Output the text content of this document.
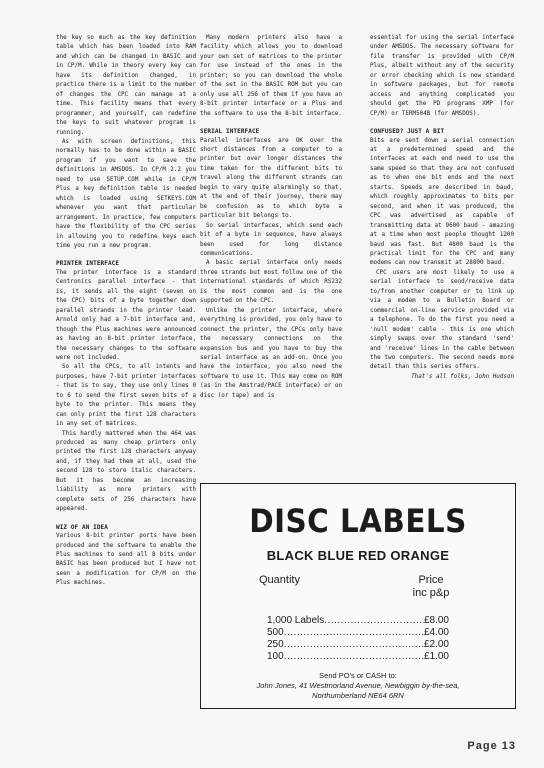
the key so much as the key definition table which has been loaded into RAM and which can be changed in BASIC and in CP/M. While in theory every key can have its definition changed, in practice there is a limit to the number of changes the CPC can manage at a time. This facility means that every programmer, and yourself, can redefine the keys to suit whatever program is running.

As with screen definitions, this normally has to be done within a BASIC program if you want to save the definitions in AMSDOS. In CP/M 2.2 you need to use SETUP.COM while in CP/M Plus a key definition table is needed which is loaded using SETKEYS.COM whenever you want that particular arrangement. In practice, few computers have the flexibility of the CPC series in allowing you to redefine keys each time you run a new program.

PRINTER INTERFACE

The printer interface is a standard Centronics parallel interface - that is, it sends all the eight (seven on the CPC) bits of a byte together down parallel strands in the printer lead. Arnold only had a 7-bit interface and, though the Plus machines were announced as having an 8-bit printer interface, the necessary changes to the software were not included.

So all the CPCs, to all intents and purposes, have 7-bit printer interfaces - that is to say, they use only lines 0 to 6 to send the first seven bits of a byte to the printer. This means they can only print the first 128 characters in any set of matrices.

This hardly mattered when the 464 was produced as many cheap printers only printed the first 128 characters anyway and, if they had them at all, used the second 128 to store italic characters. But it has become an increasing liability as more printers with complete sets of 256 characters have appeared.

WIZ OF AN IDEA

Various 8-bit printer ports have been produced and the software to enable the Plus machines to send all 8 bits under BASIC has been produced but I have not seen a modification for CP/M on the Plus machines.

Many modern printers also have a facility which allows you to download your own set of matrices to the printer for use instead of the ones in the printer; so you can download the whole of the set in the BASIC ROM but you can only use all 256 of them if you have an 8-bit printer interface or a Plus and the software to use the 8-bit interface.

SERIAL INTERFACE

Parallel interfaces are OK over the short distances from a computer to a printer but over longer distances the time taken for the different bits to travel along the different strands can begin to vary quite alarmingly so that, at the end of their journey, there may be confusion as to which byte a particular bit belongs to.

So serial interfaces, which send each bit of a byte in sequence, have always been used for long distance communications.

A basic serial interface only needs three strands but most follow one of the international standards of which RS232 is the most common and is the one supported on the CPC.

Unlike the printer interface, where everything is provided, you only have to connect the printer, the CPCs only have the necessary connections on the expansion bus and you have to buy the serial interface as an add-on. Once you have the interface, you also need the software to use it. This may come on ROM (as in the Amstrad/PACE interface) or on disc (or tape) and is

essential for using the serial interface under AMSDOS. The necessary software for file transfer is provided with CP/M Plus, albeit without any of the security or error checking which is now standard in software packages, but for remote access and anything complicated you should get the PD programs XMP (for CP/M) or TERM504B (for AMSDOS).

CONFUSED? JUST A BIT

Bits are sent down a serial connection at a predetermined speed and the interfaces at each end need to use the same speed so that they are not confused as to when one bit ends and the next starts. Speeds are described in baud, which roughly approximates to bits per second, and when it was produced, the CPC was advertised as capable of transmitting data at 9600 baud - amazing at a time when most people thought 1200 baud was fast. But 4800 baud is the practical limit for the CPC and many modems can now transmit at 28800 baud.

CPC users are most likely to use a serial interface to send/receive data to/from another computer or to link up via a modem to a Bulletin Board or commercial on-line service provided via a telephone. To do the first you need a 'null modem' cable - this is one which simply swaps over the standard 'send' and 'receive' lines in the cable between the two computers. The second needs more detail than this series offers.

That's all folks, John Hudson

DISC LABELS
BLACK BLUE RED ORANGE
Quantity	Price
inc p&p
1,000 Labels .....	£8.00
500 .....	£4.00
250 .....	£2.00
100 .....	£1.00
Send PO's or CASH to:
John Jones, 41 Westmorland Avenue, Newbiggin by-the-sea,
Northumberland NE64 6RN
Page 13
